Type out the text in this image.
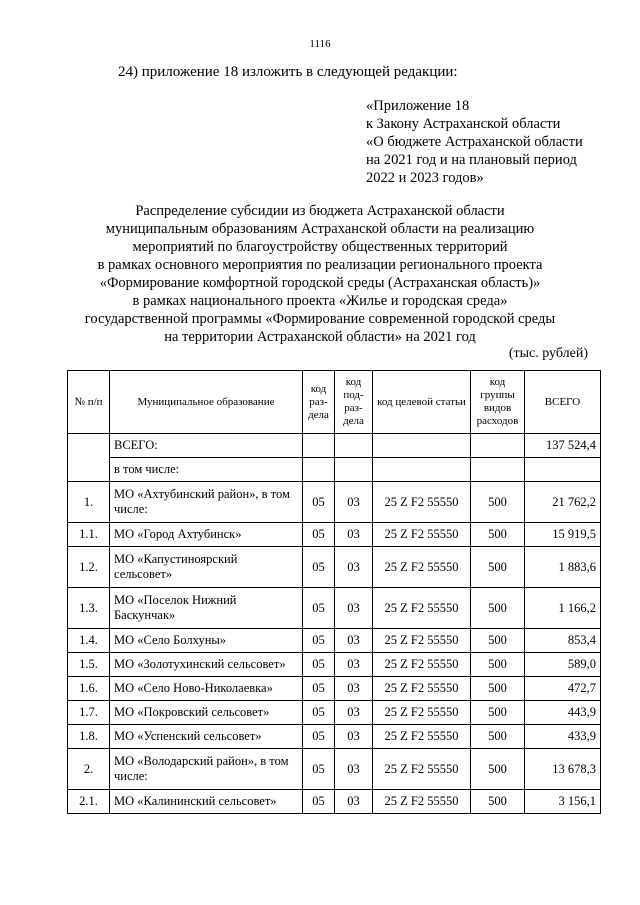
1116
24) приложение 18 изложить в следующей редакции:
«Приложение 18
к Закону Астраханской области
«О бюджете Астраханской области
на 2021 год и на плановый период
2022 и 2023 годов»
Распределение субсидии из бюджета Астраханской области
муниципальным образованиям Астраханской области на реализацию
мероприятий по благоустройству общественных территорий
в рамках основного мероприятия по реализации регионального проекта
«Формирование комфортной городской среды (Астраханская область)»
в рамках национального проекта «Жилье и городская среда»
государственной программы «Формирование современной городской среды
на территории Астраханской области» на 2021 год
(тыс. рублей)
№ п/п	Муниципальное образование	код раз- дела	код под- раз- дела	код целевой статьи	код группы видов расходов	ВСЕГО
	ВСЕГО:					137 524,4
	в том числе:					
1.	МО «Ахтубинский район», в том числе:	05	03	25 Z F2 55550	500	21 762,2
1.1.	МО «Город Ахтубинск»	05	03	25 Z F2 55550	500	15 919,5
1.2.	МО «Капустиноярский сельсовет»	05	03	25 Z F2 55550	500	1 883,6
1.3.	МО «Поселок Нижний Баскунчак»	05	03	25 Z F2 55550	500	1 166,2
1.4.	МО «Село Болхуны»	05	03	25 Z F2 55550	500	853,4
1.5.	МО «Золотухинский сельсовет»	05	03	25 Z F2 55550	500	589,0
1.6.	МО «Село Ново-Николаевка»	05	03	25 Z F2 55550	500	472,7
1.7.	МО «Покровский сельсовет»	05	03	25 Z F2 55550	500	443,9
1.8.	МО «Успенский сельсовет»	05	03	25 Z F2 55550	500	433,9
2.	МО «Володарский район», в том числе:	05	03	25 Z F2 55550	500	13 678,3
2.1.	МО «Калининский сельсовет»	05	03	25 Z F2 55550	500	3 156,1
